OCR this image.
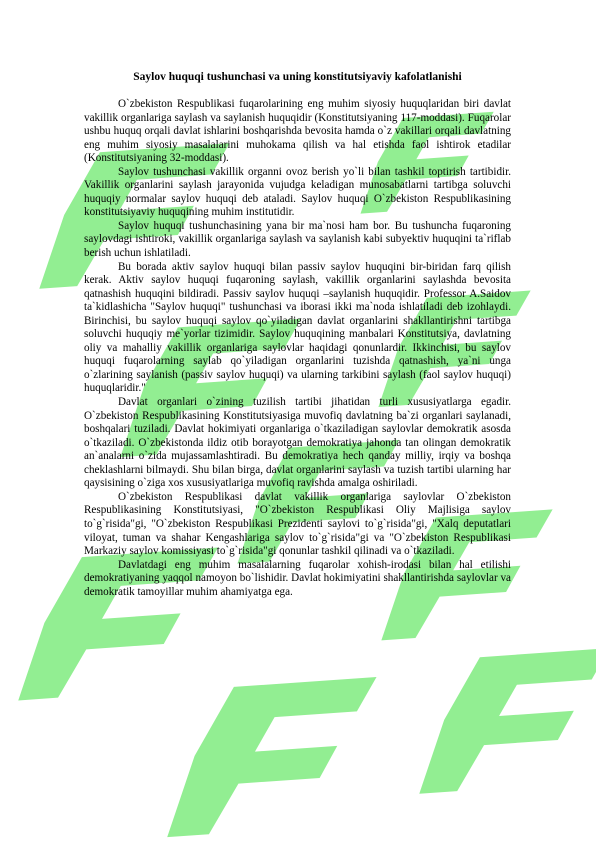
Saylov huquqi tushunchasi va uning konstitutsiyaviy kafolatlanishi

O`zbekiston Respublikasi fuqarolarining eng muhim siyosiy huquqlaridan biri davlat vakillik organlariga saylash va saylanish huquqidir (Konstitutsiyaning 117-moddasi). Fuqarolar ushbu huquq orqali davlat ishlarini boshqarishda bevosita hamda o`z vakillari orqali davlatning eng muhim siyosiy masalalarini muhokama qilish va hal etishda faol ishtirok etadilar (Konstitutsiyaning 32-moddasi).

Saylov tushunchasi vakillik organni ovoz berish yo`li bilan tashkil toptirish tartibidir. Vakillik organlarini saylash jarayonida vujudga keladigan munosabatlarni tartibga soluvchi huquqiy normalar saylov huquqi deb ataladi. Saylov huquqi O`zbekiston Respublikasining konstitutsiyaviy huquqining muhim institutidir.

Saylov huquqi tushunchasining yana bir ma`nosi ham bor. Bu tushuncha fuqaroning saylovdagi ishtiroki, vakillik organlariga saylash va saylanish kabi subyektiv huquqini ta`riflab berish uchun ishlatiladi.

Bu borada aktiv saylov huquqi bilan passiv saylov huquqini bir-biridan farq qilish kerak. Aktiv saylov huquqi fuqaroning saylash, vakillik organlarini saylashda bevosita qatnashish huquqini bildiradi. Passiv saylov huquqi –saylanish huquqidir. Professor A.Saidov ta`kidlashicha "Saylov huquqi" tushunchasi va iborasi ikki ma`noda ishlatiladi deb izohlaydi. Birinchisi, bu saylov huquqi saylov qo`yiladigan davlat organlarini shakllantirishni tartibga soluvchi huquqiy me`yorlar tizimidir. Saylov huquqining manbalari Konstitutsiya, davlatning oliy va mahalliy vakillik organlariga saylovlar haqidagi qonunlardir. Ikkinchisi, bu saylov huquqi fuqarolarning saylab qo`yiladigan organlarini tuzishda qatnashish, ya`ni unga o`zlarining saylanish (passiv saylov huquqi) va ularning tarkibini saylash (faol saylov huquqi) huquqlaridir."

Davlat organlari o`zining tuzilish tartibi jihatidan turli xususiyatlarga egadir. O`zbekiston Respublikasining Konstitutsiyasiga muvofiq davlatning ba`zi organlari saylanadi, boshqalari tuziladi. Davlat hokimiyati organlariga o`tkaziladigan saylovlar demokratik asosda o`tkaziladi. O`zbekistonda ildiz otib borayotgan demokratiya jahonda tan olingan demokratik an`analarni o`zida mujassamlashtiradi. Bu demokratiya hech qanday milliy, irqiy va boshqa cheklashlarni bilmaydi. Shu bilan birga, davlat organlarini saylash va tuzish tartibi ularning har qaysisining o`ziga xos xususiyatlariga muvofiq ravishda amalga oshiriladi.

O`zbekiston Respublikasi davlat vakillik organlariga saylovlar O`zbekiston Respublikasining Konstitutsiyasi, "O`zbekiston Respublikasi Oliy Majlisiga saylov to`g`risida"gi, "O`zbekiston Respublikasi Prezidenti saylovi to`g`risida"gi, "Xalq deputatlari viloyat, tuman va shahar Kengashlariga saylov to`g`risida"gi va "O`zbekiston Respublikasi Markaziy saylov komissiyasi to`g`risida"gi qonunlar tashkil qilinadi va o`tkaziladi.

Davlatdagi eng muhim masalalarning fuqarolar xohish-irodasi bilan hal etilishi demokratiyaning yaqqol namoyon bo`lishidir. Davlat hokimiyatini shakllantirishda saylovlar va demokratik tamoyillar muhim ahamiyatga ega.
